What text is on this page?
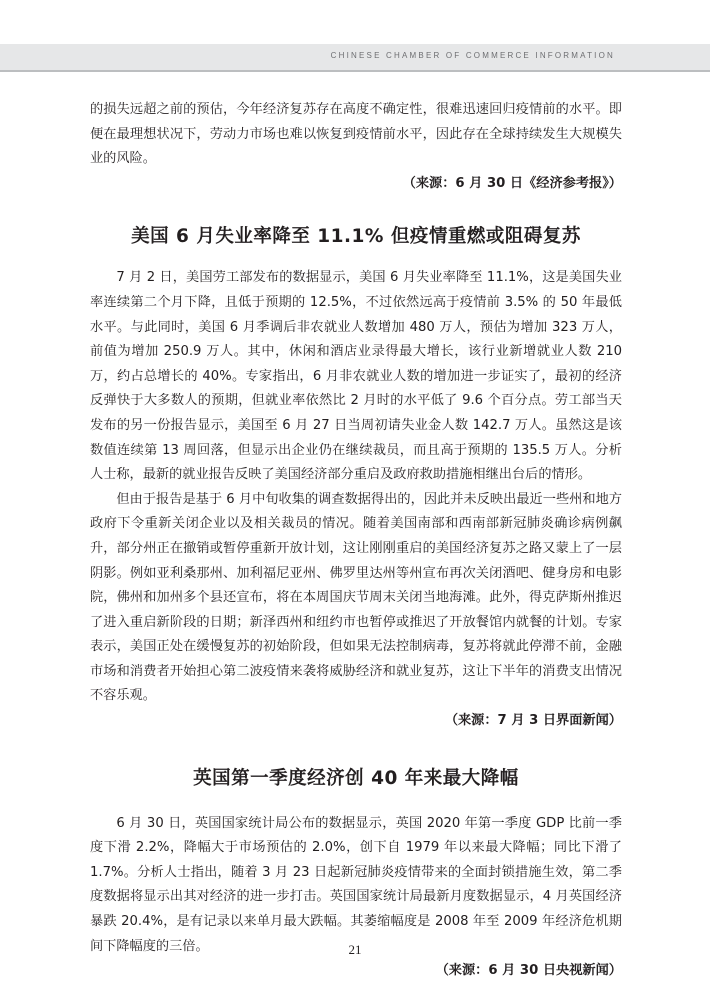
CHINESE CHAMBER OF COMMERCE INFORMATION

的损失远超之前的预估，今年经济复苏存在高度不确定性，很难迅速回归疫情前的水平。即便在最理想状况下，劳动力市场也难以恢复到疫情前水平，因此存在全球持续发生大规模失业的风险。

（来源：6 月 30 日《经济参考报》）

美国 6 月失业率降至 11.1% 但疫情重燃或阻碍复苏

7 月 2 日，美国劳工部发布的数据显示，美国 6 月失业率降至 11.1%，这是美国失业率连续第二个月下降，且低于预期的 12.5%，不过依然远高于疫情前 3.5% 的 50 年最低水平。与此同时，美国 6 月季调后非农就业人数增加 480 万人，预估为增加 323 万人，前值为增加 250.9 万人。其中，休闲和酒店业录得最大增长，该行业新增就业人数 210 万，约占总增长的 40%。专家指出，6 月非农就业人数的增加进一步证实了，最初的经济反弹快于大多数人的预期，但就业率依然比 2 月时的水平低了 9.6 个百分点。劳工部当天发布的另一份报告显示，美国至 6 月 27 日当周初请失业金人数 142.7 万人。虽然这是该数值连续第 13 周回落，但显示出企业仍在继续裁员，而且高于预期的 135.5 万人。分析人士称，最新的就业报告反映了美国经济部分重启及政府救助措施相继出台后的情形。

但由于报告是基于 6 月中旬收集的调查数据得出的，因此并未反映出最近一些州和地方政府下令重新关闭企业以及相关裁员的情况。随着美国南部和西南部新冠肺炎确诊病例飙升，部分州正在撤销或暂停重新开放计划，这让刚刚重启的美国经济复苏之路又蒙上了一层阴影。例如亚利桑那州、加利福尼亚州、佛罗里达州等州宣布再次关闭酒吧、健身房和电影院，佛州和加州多个县还宣布，将在本周国庆节周末关闭当地海滩。此外，得克萨斯州推迟了进入重启新阶段的日期；新泽西州和纽约市也暂停或推迟了开放餐馆内就餐的计划。专家表示，美国正处在缓慢复苏的初始阶段，但如果无法控制病毒，复苏将就此停滞不前，金融市场和消费者开始担心第二波疫情来袭将威胁经济和就业复苏，这让下半年的消费支出情况不容乐观。

（来源：7 月 3 日界面新闻）

英国第一季度经济创 40 年来最大降幅

6 月 30 日，英国国家统计局公布的数据显示，英国 2020 年第一季度 GDP 比前一季度下滑 2.2%，降幅大于市场预估的 2.0%，创下自 1979 年以来最大降幅；同比下滑了 1.7%。分析人士指出，随着 3 月 23 日起新冠肺炎疫情带来的全面封锁措施生效，第二季度数据将显示出其对经济的进一步打击。英国国家统计局最新月度数据显示，4 月英国经济暴跌 20.4%，是有记录以来单月最大跌幅。其萎缩幅度是 2008 年至 2009 年经济危机期间下降幅度的三倍。

（来源：6 月 30 日央视新闻）

21
